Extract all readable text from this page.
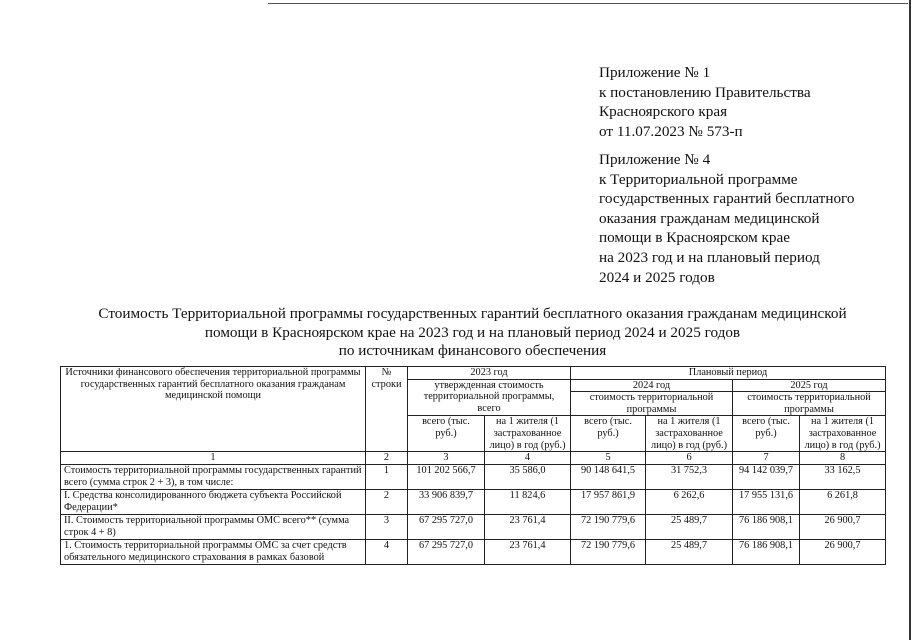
Приложение № 1
к постановлению Правительства
Красноярского края
от 11.07.2023 № 573-п
Приложение № 4
к Территориальной программе
государственных гарантий бесплатного
оказания гражданам медицинской
помощи в Красноярском крае
на 2023 год и на плановый период
2024 и 2025 годов
Стоимость Территориальной программы государственных гарантий бесплатного оказания гражданам медицинской
помощи в Красноярском крае на 2023 год и на плановый период 2024 и 2025 годов
по источникам финансового обеспечения
Источники финансового обеспечения территориальной программы государственных гарантий бесплатного оказания гражданам медицинской помощи	№ строки	2023 год		Плановый период			
		утвержденная стоимость территориальной программы, всего		2024 год		2025 год	
				стоимость территориальной программы		стоимость территориальной программы	
		всего (тыс. руб.)	на 1 жителя (1 застрахованное лицо) в год (руб.)	всего (тыс. руб.)	на 1 жителя (1 застрахованное лицо) в год (руб.)	всего (тыс. руб.)	на 1 жителя (1 застрахованное лицо) в год (руб.)
1	2	3	4	5	6	7	8
Стоимость территориальной программы государственных гарантий всего (сумма строк 2 + 3), в том числе:	1	101 202 566,7	35 586,0	90 148 641,5	31 752,3	94 142 039,7	33 162,5
I. Средства консолидированного бюджета субъекта Российской Федерации*	2	33 906 839,7	11 824,6	17 957 861,9	6 262,6	17 955 131,6	6 261,8
II. Стоимость территориальной программы ОМС всего** (сумма строк 4 + 8)	3	67 295 727,0	23 761,4	72 190 779,6	25 489,7	76 186 908,1	26 900,7
1. Стоимость территориальной программы ОМС за счет средств обязательного медицинского страхования в рамках базовой	4	67 295 727,0	23 761,4	72 190 779,6	25 489,7	76 186 908,1	26 900,7
